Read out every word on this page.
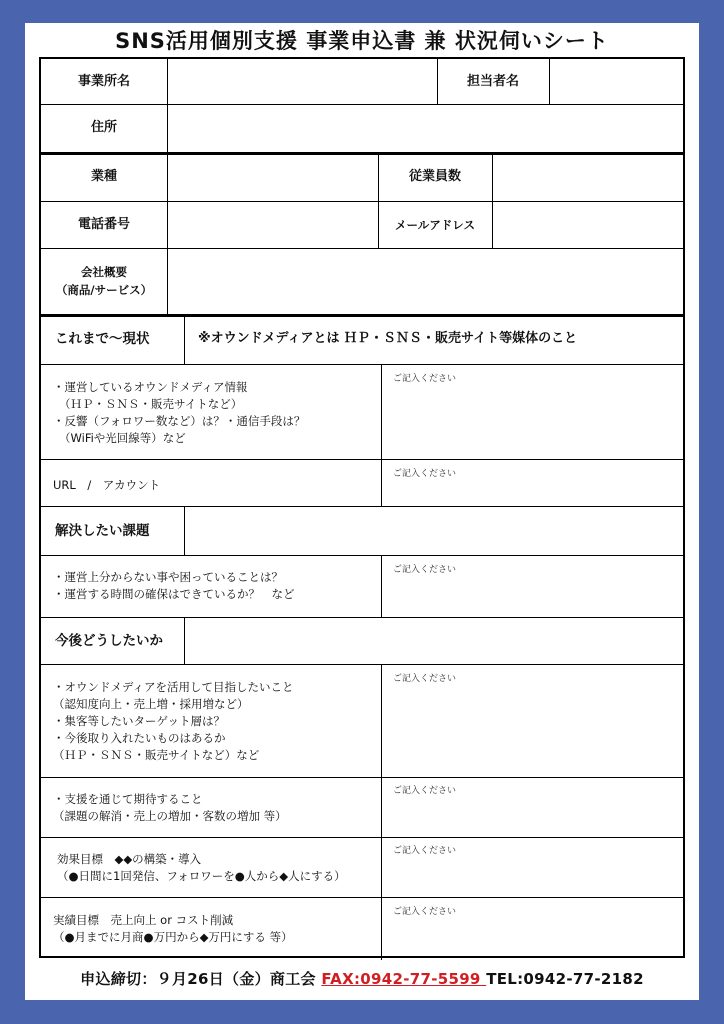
SNS活用個別支援 事業申込書 兼 状況伺いシート
事業所名	担当者名
住所
業種	従業員数
電話番号	メールアドレス
会社概要
（商品/サービス）
これまで〜現状	※オウンドメディアとは ＨＰ・ＳＮＳ・販売サイト等媒体のこと
・運営しているオウンドメディア情報
（ＨＰ・ＳＮＳ・販売サイトなど）
・反響（フォロワー数など）は？・通信手段は？
（WiFiや光回線等）など
ご記入ください
URL　/　アカウント
ご記入ください
解決したい課題
・運営上分からない事や困っていることは？
・運営する時間の確保はできているか？　など
ご記入ください
今後どうしたいか
・オウンドメディアを活用して目指したいこと
（認知度向上・売上増・採用増など）
・集客等したいターゲット層は？
・今後取り入れたいものはあるか
（ＨＰ・ＳＮＳ・販売サイトなど）など
ご記入ください
・支援を通じて期待すること
（課題の解消・売上の増加・客数の増加 等）
ご記入ください
効果目標　◆◆の構築・導入
（●日間に1回発信、フォロワーを●人から◆人にする）
ご記入ください
実績目標　売上向上 or コスト削減
（●月までに月商●万円から◆万円にする 等）
ご記入ください
申込締切：９月26日（金）商工会 FAX:0942-77-5599 TEL:0942-77-2182
